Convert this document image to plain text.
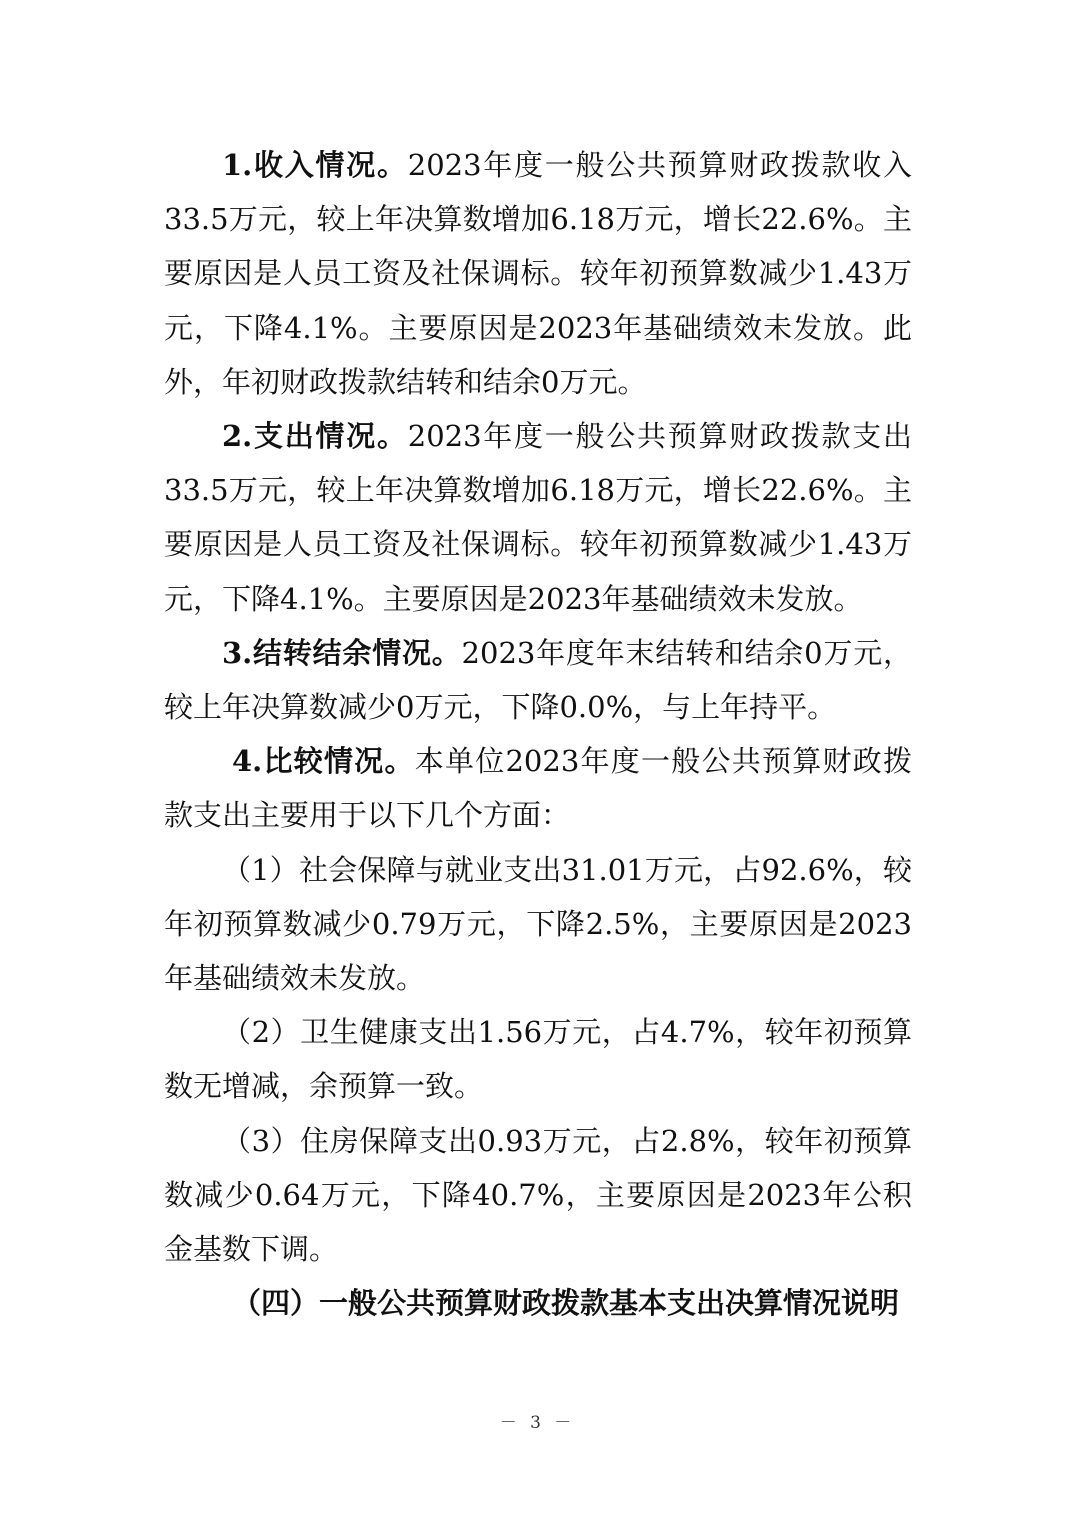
1.收入情况。2023年度一般公共预算财政拨款收入33.5万元，较上年决算数增加6.18万元，增长22.6%。主要原因是人员工资及社保调标。较年初预算数减少1.43万元，下降4.1%。主要原因是2023年基础绩效未发放。此外，年初财政拨款结转和结余0万元。

2.支出情况。2023年度一般公共预算财政拨款支出33.5万元，较上年决算数增加6.18万元，增长22.6%。主要原因是人员工资及社保调标。较年初预算数减少1.43万元，下降4.1%。主要原因是2023年基础绩效未发放。

3.结转结余情况。2023年度年末结转和结余0万元，较上年决算数减少0万元，下降0.0%，与上年持平。

4.比较情况。本单位2023年度一般公共预算财政拨款支出主要用于以下几个方面：

（1）社会保障与就业支出31.01万元，占92.6%，较年初预算数减少0.79万元，下降2.5%，主要原因是2023年基础绩效未发放。

（2）卫生健康支出1.56万元，占4.7%，较年初预算数无增减，余预算一致。

（3）住房保障支出0.93万元，占2.8%，较年初预算数减少0.64万元，下降40.7%，主要原因是2023年公积金基数下调。

（四）一般公共预算财政拨款基本支出决算情况说明

－ 3 －
